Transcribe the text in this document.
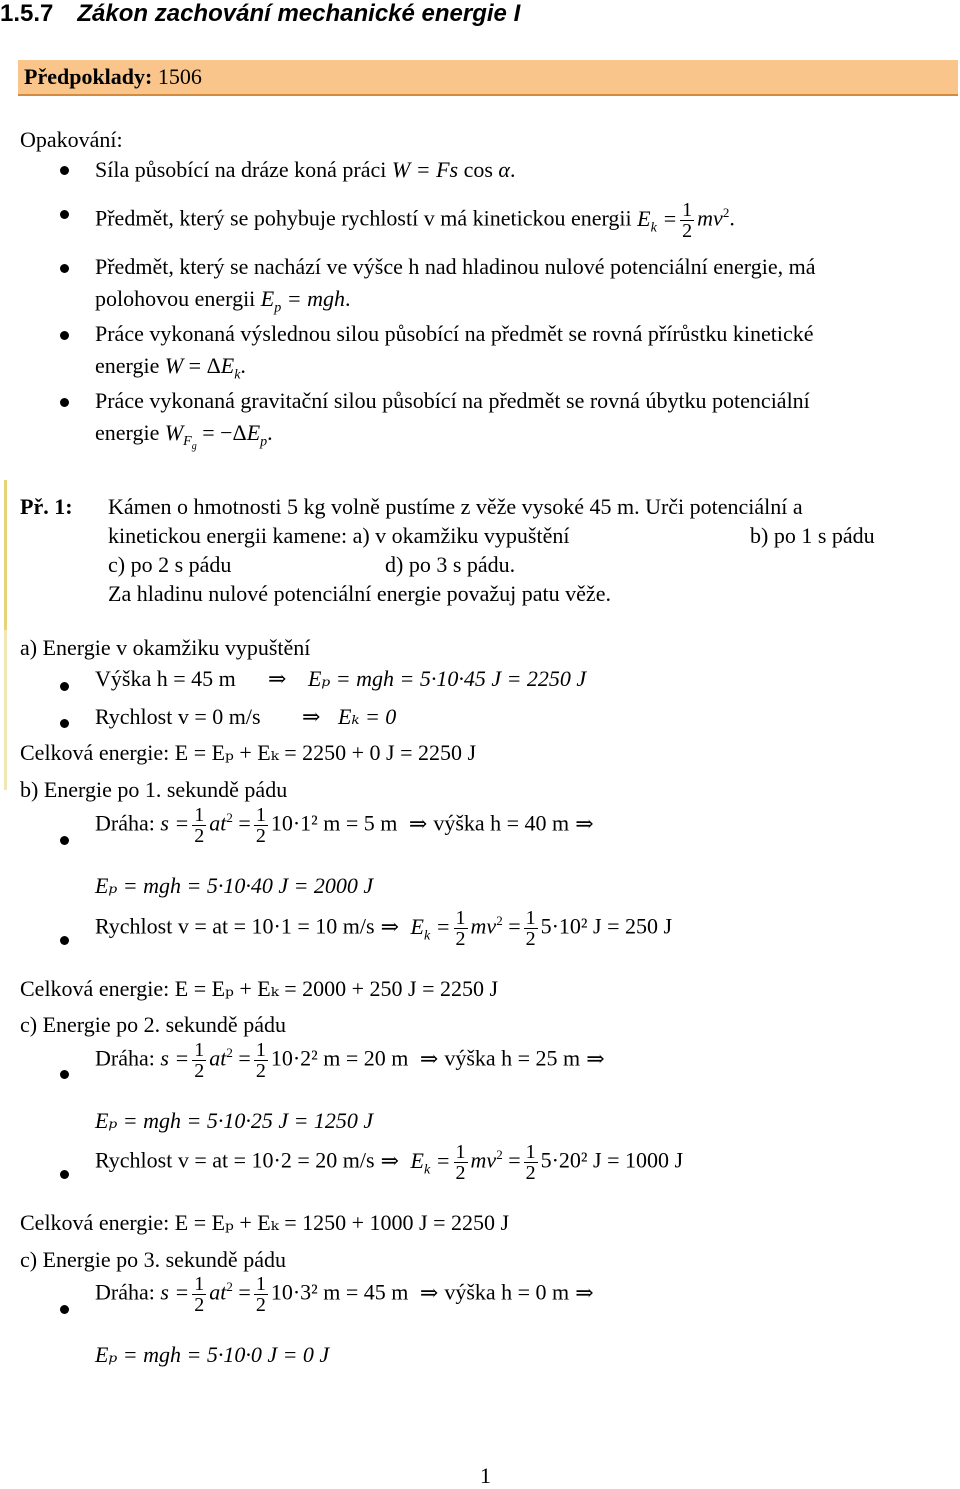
1.5.7 Zákon zachování mechanické energie I
Předpoklady: 1506
Opakování:
Síla působící na dráze koná práci W = Fs cos α.
Předmět, který se pohybuje rychlostí v má kinetickou energii $E_k = \frac{1}{2} mv^2$.
Předmět, který se nachází ve výšce h nad hladinou nulové potenciální energie, má
polohovou energii $E_p$ = mgh.
Práce vykonaná výslednou silou působící na předmět se rovná přírůstku kinetické
energie $W = \Delta E_k$.
Práce vykonaná gravitační silou působící na předmět se rovná úbytku potenciální
energie $W_{F_g} = -\Delta E_p$.
Př. 1: Kámen o hmotnosti 5 kg volně pustíme z věže vysoké 45 m. Urči potenciální a
kinetickou energii kamene: a) v okamžiku vypuštění	b) po 1 s pádu
c) po 2 s pádu	d) po 3 s pádu.
Za hladinu nulové potenciální energie považuj patu věže.
a) Energie v okamžiku vypuštění
Výška h = 45 m ⇒ Eₚ = mgh = 5·10·45 J = 2250 J
Rychlost v = 0 m/s ⇒ Eₖ = 0
Celková energie: E = Eₚ + Eₖ = 2250 + 0 J = 2250 J
b) Energie po 1. sekundě pádu
Dráha: $s = \frac{1}{2} at^2 = \frac{1}{2} 10\cdot 1^2$ m = 5 m ⇒ výška h = 40 m ⇒
Eₚ = mgh = 5·10·40 J = 2000 J
Rychlost v = at = 10·1 = 10 m/s ⇒ $E_k = \frac{1}{2} mv^2 = \frac{1}{2} 5\cdot 10^2$ J = 250 J
Celková energie: E = Eₚ + Eₖ = 2000 + 250 J = 2250 J
c) Energie po 2. sekundě pádu
Dráha: $s = \frac{1}{2} at^2 = \frac{1}{2} 10\cdot 2^2$ m = 20 m ⇒ výška h = 25 m ⇒
Eₚ = mgh = 5·10·25 J = 1250 J
Rychlost v = at = 10·2 = 20 m/s ⇒ $E_k = \frac{1}{2} mv^2 = \frac{1}{2} 5\cdot 20^2$ J = 1000 J
Celková energie: E = Eₚ + Eₖ = 1250 + 1000 J = 2250 J
c) Energie po 3. sekundě pádu
Dráha: $s = \frac{1}{2} at^2 = \frac{1}{2} 10\cdot 3^2$ m = 45 m ⇒ výška h = 0 m ⇒
Eₚ = mgh = 5·10·0 J = 0 J
1
